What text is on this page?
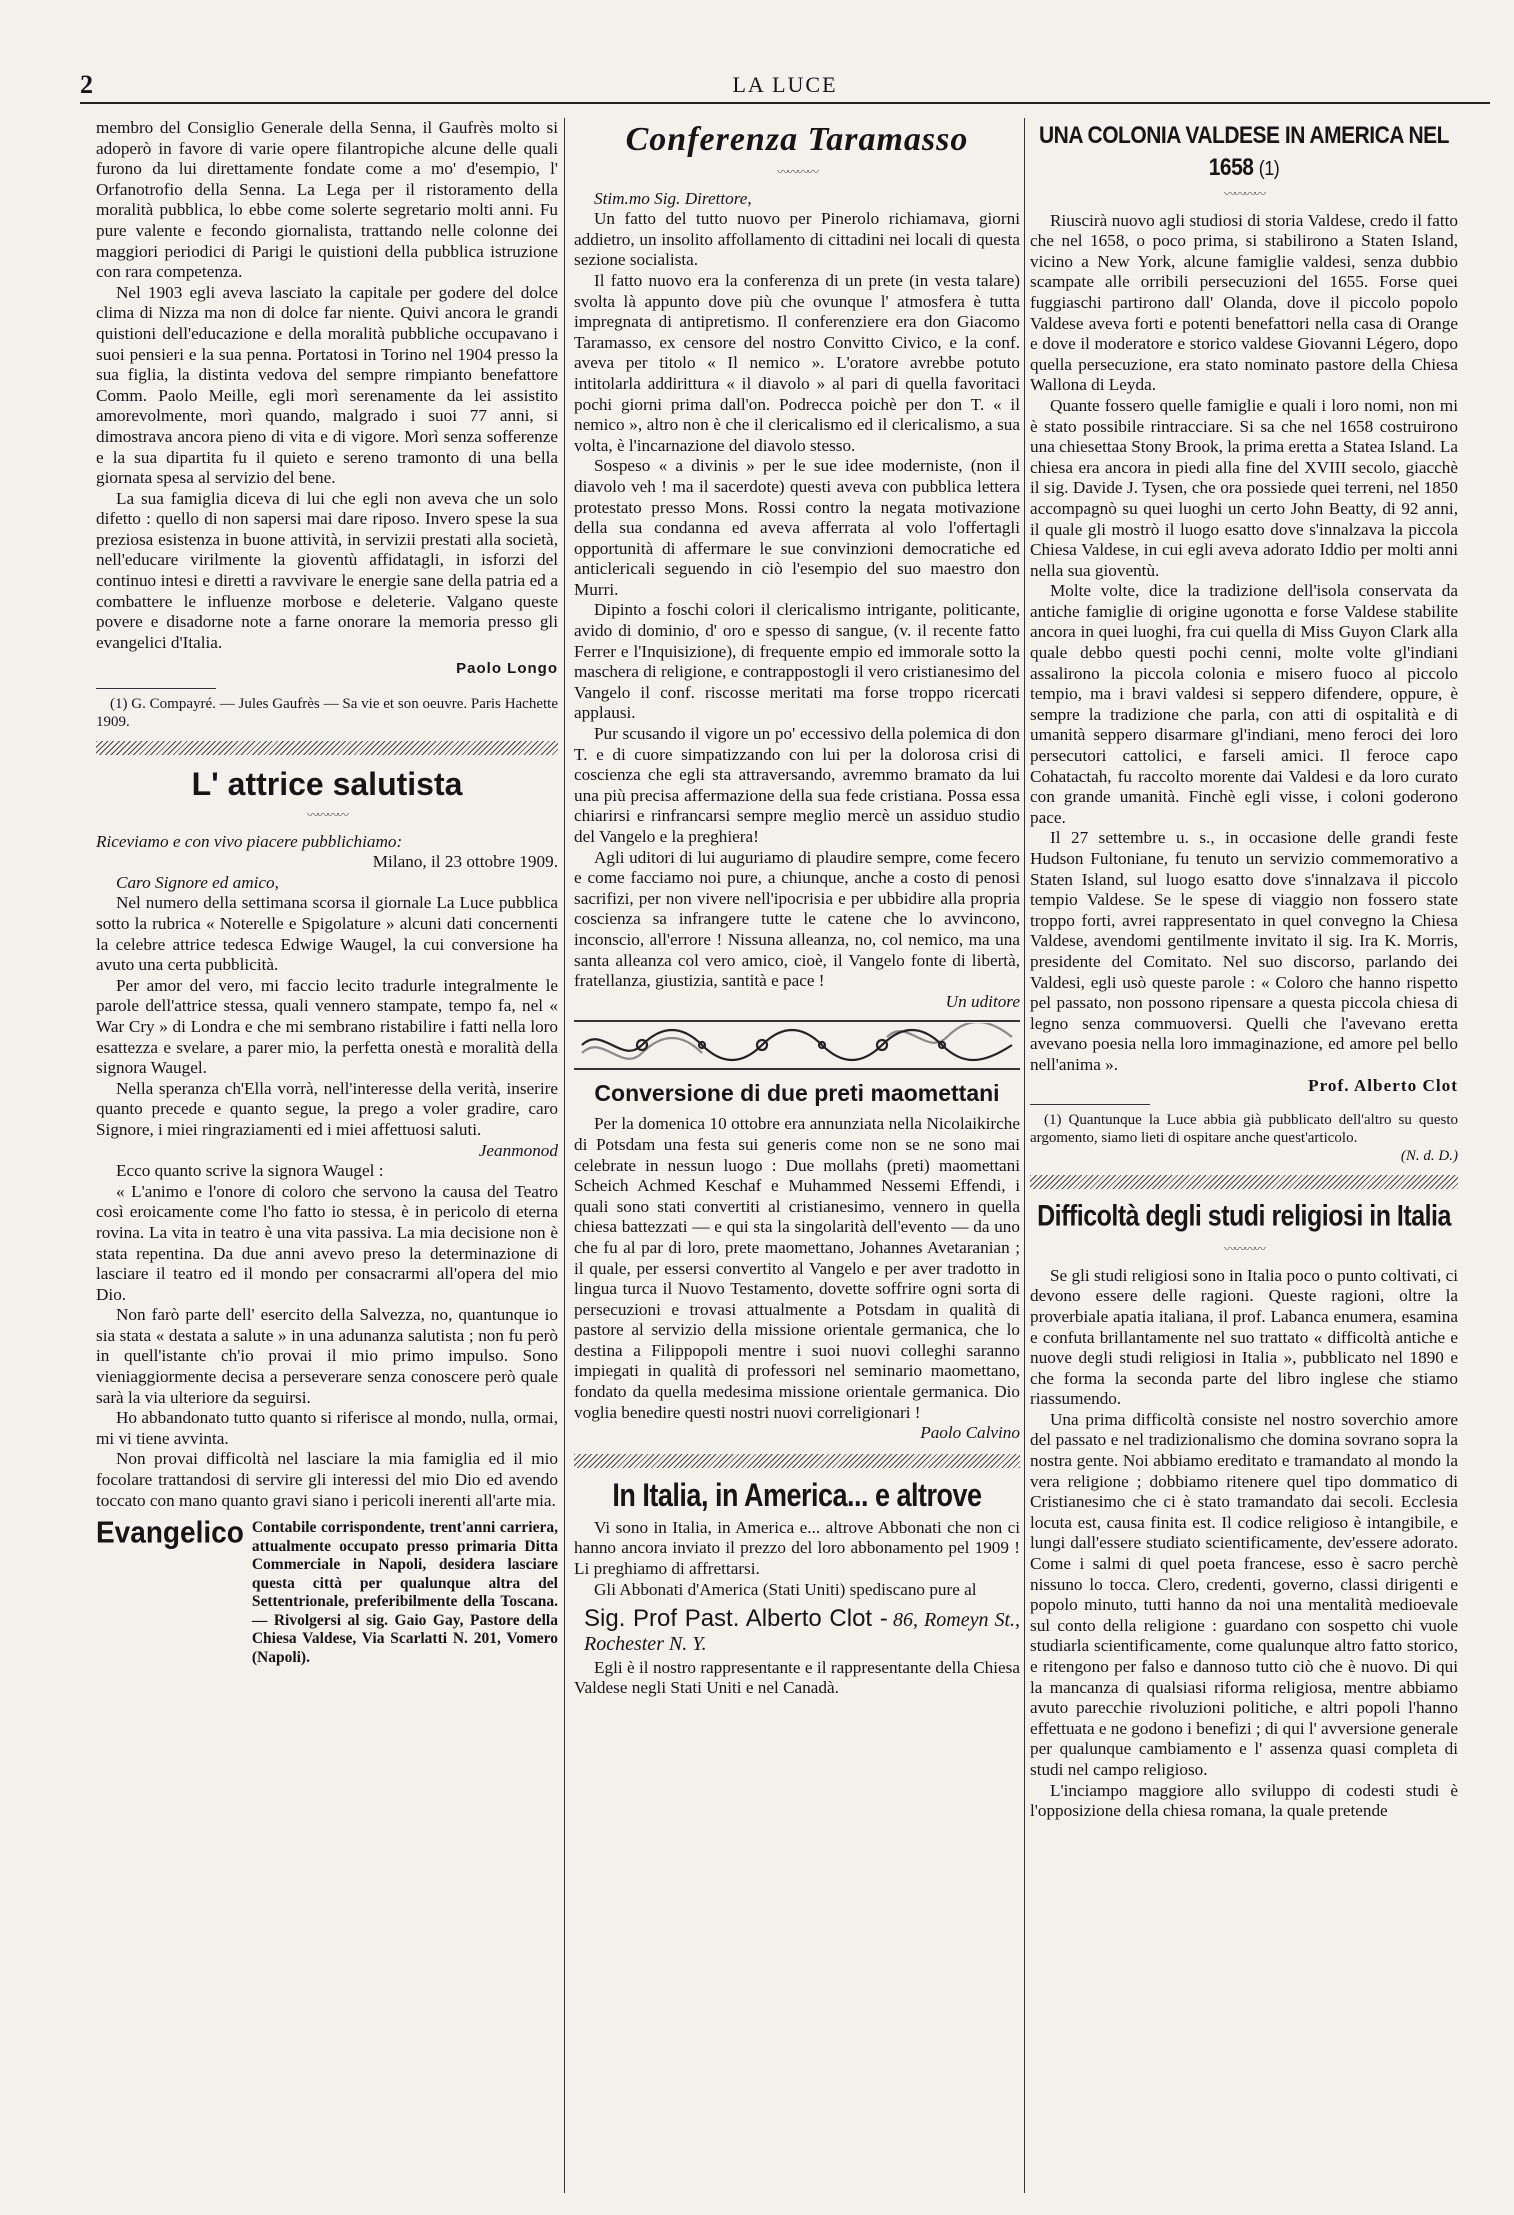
2	LA LUCE

membro del Consiglio Generale della Senna, il Gaufrès molto si adoperò in favore di varie opere filantropiche alcune delle quali furono da lui direttamente fondate come a mo' d'esempio, l' Orfanotrofio della Senna. La Lega per il ristoramento della moralità pubblica, lo ebbe come solerte segretario molti anni. Fu pure valente e fecondo giornalista, trattando nelle colonne dei maggiori periodici di Parigi le quistioni della pubblica istruzione con rara competenza.

Nel 1903 egli aveva lasciato la capitale per godere del dolce clima di Nizza ma non di dolce far niente. Quivi ancora le grandi quistioni dell'educazione e della moralità pubbliche occupavano i suoi pensieri e la sua penna. Portatosi in Torino nel 1904 presso la sua figlia, la distinta vedova del sempre rimpianto benefattore Comm. Paolo Meille, egli morì serenamente da lei assistito amorevolmente, morì quando, malgrado i suoi 77 anni, si dimostrava ancora pieno di vita e di vigore. Morì senza sofferenze e la sua dipartita fu il quieto e sereno tramonto di una bella giornata spesa al servizio del bene.

La sua famiglia diceva di lui che egli non aveva che un solo difetto : quello di non sapersi mai dare riposo. Invero spese la sua preziosa esistenza in buone attività, in servizii prestati alla società, nell'educare virilmente la gioventù affidatagli, in isforzi del continuo intesi e diretti a ravvivare le energie sane della patria ed a combattere le influenze morbose e deleterie. Valgano queste povere e disadorne note a farne onorare la memoria presso gli evangelici d'Italia.

Paolo Longo

(1) G. Compayré. — Jules Gaufrès — Sa vie et son oeuvre. Paris Hachette 1909.

L' attrice salutista
〰〰〰〰

Riceviamo e con vivo piacere pubblichiamo:

Milano, il 23 ottobre 1909.

Caro Signore ed amico,

Nel numero della settimana scorsa il giornale La Luce pubblica sotto la rubrica « Noterelle e Spigolature » alcuni dati concernenti la celebre attrice tedesca Edwige Waugel, la cui conversione ha avuto una certa pubblicità.

Per amor del vero, mi faccio lecito tradurle integralmente le parole dell'attrice stessa, quali vennero stampate, tempo fa, nel « War Cry » di Londra e che mi sembrano ristabilire i fatti nella loro esattezza e svelare, a parer mio, la perfetta onestà e moralità della signora Waugel.

Nella speranza ch'Ella vorrà, nell'interesse della verità, inserire quanto precede e quanto segue, la prego a voler gradire, caro Signore, i miei ringraziamenti ed i miei affettuosi saluti.

Jeanmonod

Ecco quanto scrive la signora Waugel :

« L'animo e l'onore di coloro che servono la causa del Teatro così eroicamente come l'ho fatto io stessa, è in pericolo di eterna rovina. La vita in teatro è una vita passiva. La mia decisione non è stata repentina. Da due anni avevo preso la determinazione di lasciare il teatro ed il mondo per consacrarmi all'opera del mio Dio.

Non farò parte dell' esercito della Salvezza, no, quantunque io sia stata « destata a salute » in una adunanza salutista ; non fu però in quell'istante ch'io provai il mio primo impulso. Sono vieniaggiormente decisa a perseverare senza conoscere però quale sarà la via ulteriore da seguirsi.

Ho abbandonato tutto quanto si riferisce al mondo, nulla, ormai, mi vi tiene avvinta.

Non provai difficoltà nel lasciare la mia famiglia ed il mio focolare trattandosi di servire gli interessi del mio Dio ed avendo toccato con mano quanto gravi siano i pericoli inerenti all'arte mia.

Evangelico Contabile corrispondente, trent'anni carriera, attualmente occupato presso primaria Ditta Commerciale in Napoli, desidera lasciare questa città per qualunque altra del Settentrionale, preferibilmente della Toscana. — Rivolgersi al sig. Gaio Gay, Pastore della Chiesa Valdese, Via Scarlatti N. 201, Vomero (Napoli).
Conferenza Taramasso
〰〰〰〰

Stim.mo Sig. Direttore,

Un fatto del tutto nuovo per Pinerolo richiamava, giorni addietro, un insolito affollamento di cittadini nei locali di questa sezione socialista.

Il fatto nuovo era la conferenza di un prete (in vesta talare) svolta là appunto dove più che ovunque l' atmosfera è tutta impregnata di antipretismo. Il conferenziere era don Giacomo Taramasso, ex censore del nostro Convitto Civico, e la conf. aveva per titolo « Il nemico ». L'oratore avrebbe potuto intitolarla addirittura « il diavolo » al pari di quella favoritaci pochi giorni prima dall'on. Podrecca poichè per don T. « il nemico », altro non è che il clericalismo ed il clericalismo, a sua volta, è l'incarnazione del diavolo stesso.

Sospeso « a divinis » per le sue idee moderniste, (non il diavolo veh ! ma il sacerdote) questi aveva con pubblica lettera protestato presso Mons. Rossi contro la negata motivazione della sua condanna ed aveva afferrata al volo l'offertagli opportunità di affermare le sue convinzioni democratiche ed anticlericali seguendo in ciò l'esempio del suo maestro don Murri.

Dipinto a foschi colori il clericalismo intrigante, politicante, avido di dominio, d' oro e spesso di sangue, (v. il recente fatto Ferrer e l'Inquisizione), di frequente empio ed immorale sotto la maschera di religione, e contrappostogli il vero cristianesimo del Vangelo il conf. riscosse meritati ma forse troppo ricercati applausi.

Pur scusando il vigore un po' eccessivo della polemica di don T. e di cuore simpatizzando con lui per la dolorosa crisi di coscienza che egli sta attraversando, avremmo bramato da lui una più precisa affermazione della sua fede cristiana. Possa essa chiarirsi e rinfrancarsi sempre meglio mercè un assiduo studio del Vangelo e la preghiera!

Agli uditori di lui auguriamo di plaudire sempre, come fecero e come facciamo noi pure, a chiunque, anche a costo di penosi sacrifizi, per non vivere nell'ipocrisia e per ubbidire alla propria coscienza sa infrangere tutte le catene che lo avvincono, inconscio, all'errore ! Nissuna alleanza, no, col nemico, ma una santa alleanza col vero amico, cioè, il Vangelo fonte di libertà, fratellanza, giustizia, santità e pace !

Un uditore

Conversione di due preti maomettani

Per la domenica 10 ottobre era annunziata nella Nicolaikirche di Potsdam una festa sui generis come non se ne sono mai celebrate in nessun luogo : Due mollahs (preti) maomettani Scheich Achmed Keschaf e Muhammed Nessemi Effendi, i quali sono stati convertiti al cristianesimo, vennero in quella chiesa battezzati — e qui sta la singolarità dell'evento — da uno che fu al par di loro, prete maomettano, Johannes Avetaranian ; il quale, per essersi convertito al Vangelo e per aver tradotto in lingua turca il Nuovo Testamento, dovette soffrire ogni sorta di persecuzioni e trovasi attualmente a Potsdam in qualità di pastore al servizio della missione orientale germanica, che lo destina a Filippopoli mentre i suoi nuovi colleghi saranno impiegati in qualità di professori nel seminario maomettano, fondato da quella medesima missione orientale germanica. Dio voglia benedire questi nostri nuovi correligionari !

Paolo Calvino

In Italia, in America... e altrove

Vi sono in Italia, in America e... altrove Abbonati che non ci hanno ancora inviato il prezzo del loro abbonamento pel 1909 ! Li preghiamo di affrettarsi.

Gli Abbonati d'America (Stati Uniti) spediscano pure al

Sig. Prof Past. Alberto Clot - 86, Romeyn St., Rochester N. Y.

Egli è il nostro rappresentante e il rappresentante della Chiesa Valdese negli Stati Uniti e nel Canadà.

UNA COLONIA VALDESE IN AMERICA NEL 1658 (1)
〰〰〰〰

Riuscirà nuovo agli studiosi di storia Valdese, credo il fatto che nel 1658, o poco prima, si stabilirono a Staten Island, vicino a New York, alcune famiglie valdesi, senza dubbio scampate alle orribili persecuzioni del 1655. Forse quei fuggiaschi partirono dall' Olanda, dove il piccolo popolo Valdese aveva forti e potenti benefattori nella casa di Orange e dove il moderatore e storico valdese Giovanni Légero, dopo quella persecuzione, era stato nominato pastore della Chiesa Wallona di Leyda.

Quante fossero quelle famiglie e quali i loro nomi, non mi è stato possibile rintracciare. Si sa che nel 1658 costruirono una chiesettaa Stony Brook, la prima eretta a Statea Island. La chiesa era ancora in piedi alla fine del XVIII secolo, giacchè il sig. Davide J. Tysen, che ora possiede quei terreni, nel 1850 accompagnò su quei luoghi un certo John Beatty, di 92 anni, il quale gli mostrò il luogo esatto dove s'innalzava la piccola Chiesa Valdese, in cui egli aveva adorato Iddio per molti anni nella sua gioventù.

Molte volte, dice la tradizione dell'isola conservata da antiche famiglie di origine ugonotta e forse Valdese stabilite ancora in quei luoghi, fra cui quella di Miss Guyon Clark alla quale debbo questi pochi cenni, molte volte gl'indiani assalirono la piccola colonia e misero fuoco al piccolo tempio, ma i bravi valdesi si seppero difendere, oppure, è sempre la tradizione che parla, con atti di ospitalità e di umanità seppero disarmare gl'indiani, meno feroci dei loro persecutori cattolici, e farseli amici. Il feroce capo Cohatactah, fu raccolto morente dai Valdesi e da loro curato con grande umanità. Finchè egli visse, i coloni goderono pace.

Il 27 settembre u. s., in occasione delle grandi feste Hudson Fultoniane, fu tenuto un servizio commemorativo a Staten Island, sul luogo esatto dove s'innalzava il piccolo tempio Valdese. Se le spese di viaggio non fossero state troppo forti, avrei rappresentato in quel convegno la Chiesa Valdese, avendomi gentilmente invitato il sig. Ira K. Morris, presidente del Comitato. Nel suo discorso, parlando dei Valdesi, egli usò queste parole : « Coloro che hanno rispetto pel passato, non possono ripensare a questa piccola chiesa di legno senza commuoversi. Quelli che l'avevano eretta avevano poesia nella loro immaginazione, ed amore pel bello nell'anima ».

Prof. Alberto Clot

(1) Quantunque la Luce abbia già pubblicato dell'altro su questo argomento, siamo lieti di ospitare anche quest'articolo.

(N. d. D.)

Difficoltà degli studi religiosi in Italia
〰〰〰〰

Se gli studi religiosi sono in Italia poco o punto coltivati, ci devono essere delle ragioni. Queste ragioni, oltre la proverbiale apatia italiana, il prof. Labanca enumera, esamina e confuta brillantamente nel suo trattato « difficoltà antiche e nuove degli studi religiosi in Italia », pubblicato nel 1890 e che forma la seconda parte del libro inglese che stiamo riassumendo.

Una prima difficoltà consiste nel nostro soverchio amore del passato e nel tradizionalismo che domina sovrano sopra la nostra gente. Noi abbiamo ereditato e tramandato al mondo la vera religione ; dobbiamo ritenere quel tipo dommatico di Cristianesimo che ci è stato tramandato dai secoli. Ecclesia locuta est, causa finita est. Il codice religioso è intangibile, e lungi dall'essere studiato scientificamente, dev'essere adorato. Come i salmi di quel poeta francese, esso è sacro perchè nissuno lo tocca. Clero, credenti, governo, classi dirigenti e popolo minuto, tutti hanno da noi una mentalità medioevale sul conto della religione : guardano con sospetto chi vuole studiarla scientificamente, come qualunque altro fatto storico, e ritengono per falso e dannoso tutto ciò che è nuovo. Di qui la mancanza di qualsiasi riforma religiosa, mentre abbiamo avuto parecchie rivoluzioni politiche, e altri popoli l'hanno effettuata e ne godono i benefizi ; di qui l' avversione generale per qualunque cambiamento e l' assenza quasi completa di studi nel campo religioso.

L'inciampo maggiore allo sviluppo di codesti studi è l'opposizione della chiesa romana, la quale pretende
